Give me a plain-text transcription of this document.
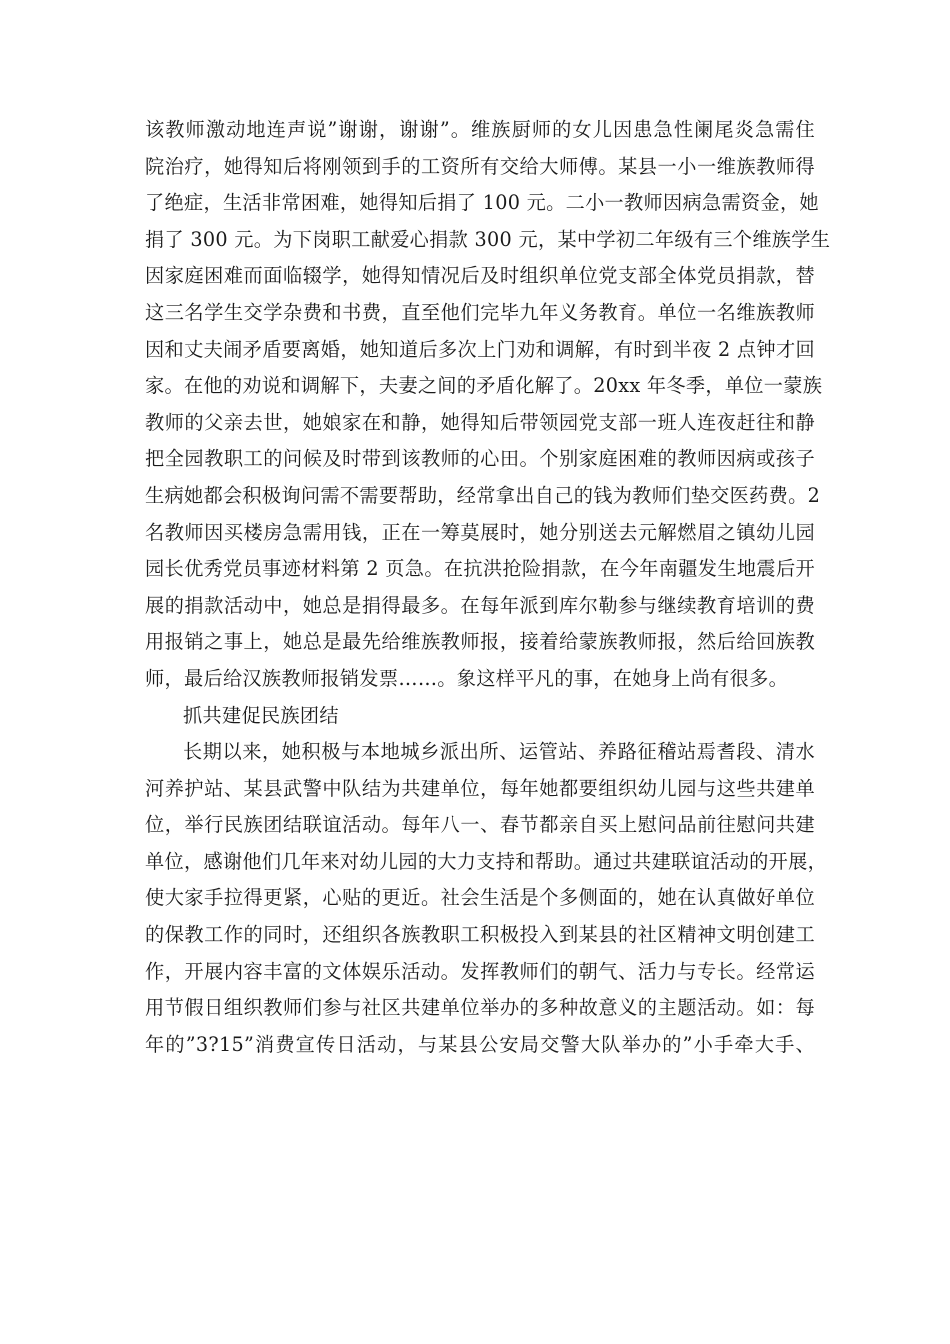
该教师激动地连声说”谢谢，谢谢”。维族厨师的女儿因患急性阑尾炎急需住
院治疗，她得知后将刚领到手的工资所有交给大师傅。某县一小一维族教师得
了绝症，生活非常困难，她得知后捐了 100 元。二小一教师因病急需资金，她
捐了 300 元。为下岗职工献爱心捐款 300 元，某中学初二年级有三个维族学生
因家庭困难而面临辍学，她得知情况后及时组织单位党支部全体党员捐款，替
这三名学生交学杂费和书费，直至他们完毕九年义务教育。单位一名维族教师
因和丈夫闹矛盾要离婚，她知道后多次上门劝和调解，有时到半夜 2 点钟才回
家。在他的劝说和调解下，夫妻之间的矛盾化解了。20xx 年冬季，单位一蒙族
教师的父亲去世，她娘家在和静，她得知后带领园党支部一班人连夜赶往和静
把全园教职工的问候及时带到该教师的心田。个别家庭困难的教师因病或孩子
生病她都会积极询问需不需要帮助，经常拿出自己的钱为教师们垫交医药费。2
名教师因买楼房急需用钱，正在一筹莫展时，她分别送去元解燃眉之镇幼儿园
园长优秀党员事迹材料第 2 页急。在抗洪抢险捐款，在今年南疆发生地震后开
展的捐款活动中，她总是捐得最多。在每年派到库尔勒参与继续教育培训的费
用报销之事上，她总是最先给维族教师报，接着给蒙族教师报，然后给回族教
师，最后给汉族教师报销发票……。象这样平凡的事，在她身上尚有很多。
抓共建促民族团结
长期以来，她积极与本地城乡派出所、运管站、养路征稽站焉耆段、清水
河养护站、某县武警中队结为共建单位，每年她都要组织幼儿园与这些共建单
位，举行民族团结联谊活动。每年八一、春节都亲自买上慰问品前往慰问共建
单位，感谢他们几年来对幼儿园的大力支持和帮助。通过共建联谊活动的开展，
使大家手拉得更紧，心贴的更近。社会生活是个多侧面的，她在认真做好单位
的保教工作的同时，还组织各族教职工积极投入到某县的社区精神文明创建工
作，开展内容丰富的文体娱乐活动。发挥教师们的朝气、活力与专长。经常运
用节假日组织教师们参与社区共建单位举办的多种故意义的主题活动。如：每
年的”3?15”消费宣传日活动，与某县公安局交警大队举办的”小手牵大手、
